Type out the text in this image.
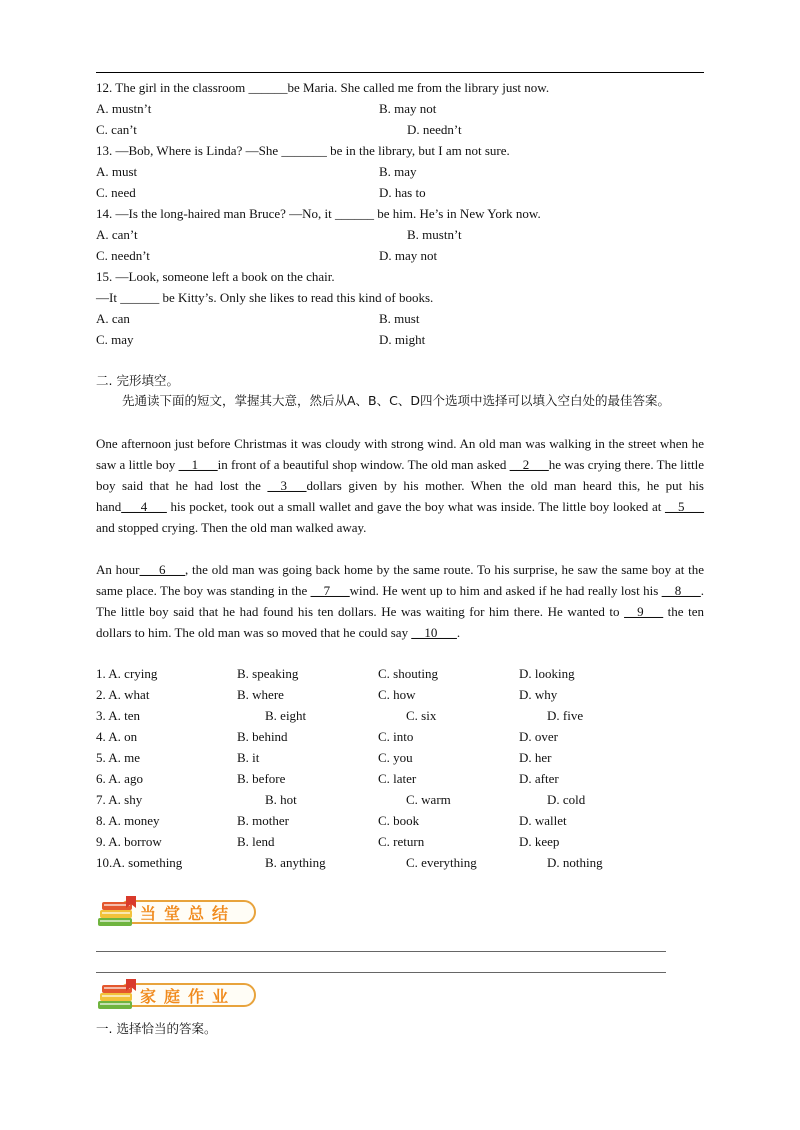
12. The girl in the classroom ______be Maria. She called me from the library just now.
A. mustn’t	B. may not
C. can’t	D. needn’t
13. —Bob, Where is Linda? —She _______ be in the library, but I am not sure.
A. must	B. may
C. need	D. has to
14. —Is the long-haired man Bruce? —No, it ______ be him. He’s in New York now.
A. can’t	B. mustn’t
C. needn’t	D. may not
15. —Look, someone left a book on the chair.
—It ______ be Kitty’s. Only she likes to read this kind of books.
A. can	B. must
C. may	D. might
二. 完形填空。
先通读下面的短文，掌握其大意，然后从A、B、C、D四个选项中选择可以填入空白处的最佳答案。
One afternoon just before Christmas it was cloudy with strong wind. An old man was walking in the street when he saw a little boy __1___in front of a beautiful shop window. The old man asked __2___he was crying there. The little boy said that he had lost the __3___dollars given by his mother. When the old man heard this, he put his hand___4___ his pocket, took out a small wallet and gave the boy what was inside. The little boy looked at __5___ and stopped crying. Then the old man walked away.
An hour___6___, the old man was going back home by the same route. To his surprise, he saw the same boy at the same place. The boy was standing in the __7___wind. He went up to him and asked if he had really lost his __8___. The little boy said that he had found his ten dollars. He was waiting for him there. He wanted to __9___ the ten dollars to him. The old man was so moved that he could say __10___.
1. A. crying	B. speaking	C. shouting	D. looking
2. A. what	B. where	C. how	D. why
3. A. ten	B. eight	C. six	D. five
4. A. on	B. behind	C. into	D. over
5. A. me	B. it	C. you	D. her
6. A. ago	B. before	C. later	D. after
7. A. shy	B. hot	C. warm	D. cold
8. A. money	B. mother	C. book	D. wallet
9. A. borrow	B. lend	C. return	D. keep
10.A. something	B. anything	C. everything	D. nothing
当堂总结
家庭作业
一. 选择恰当的答案。
